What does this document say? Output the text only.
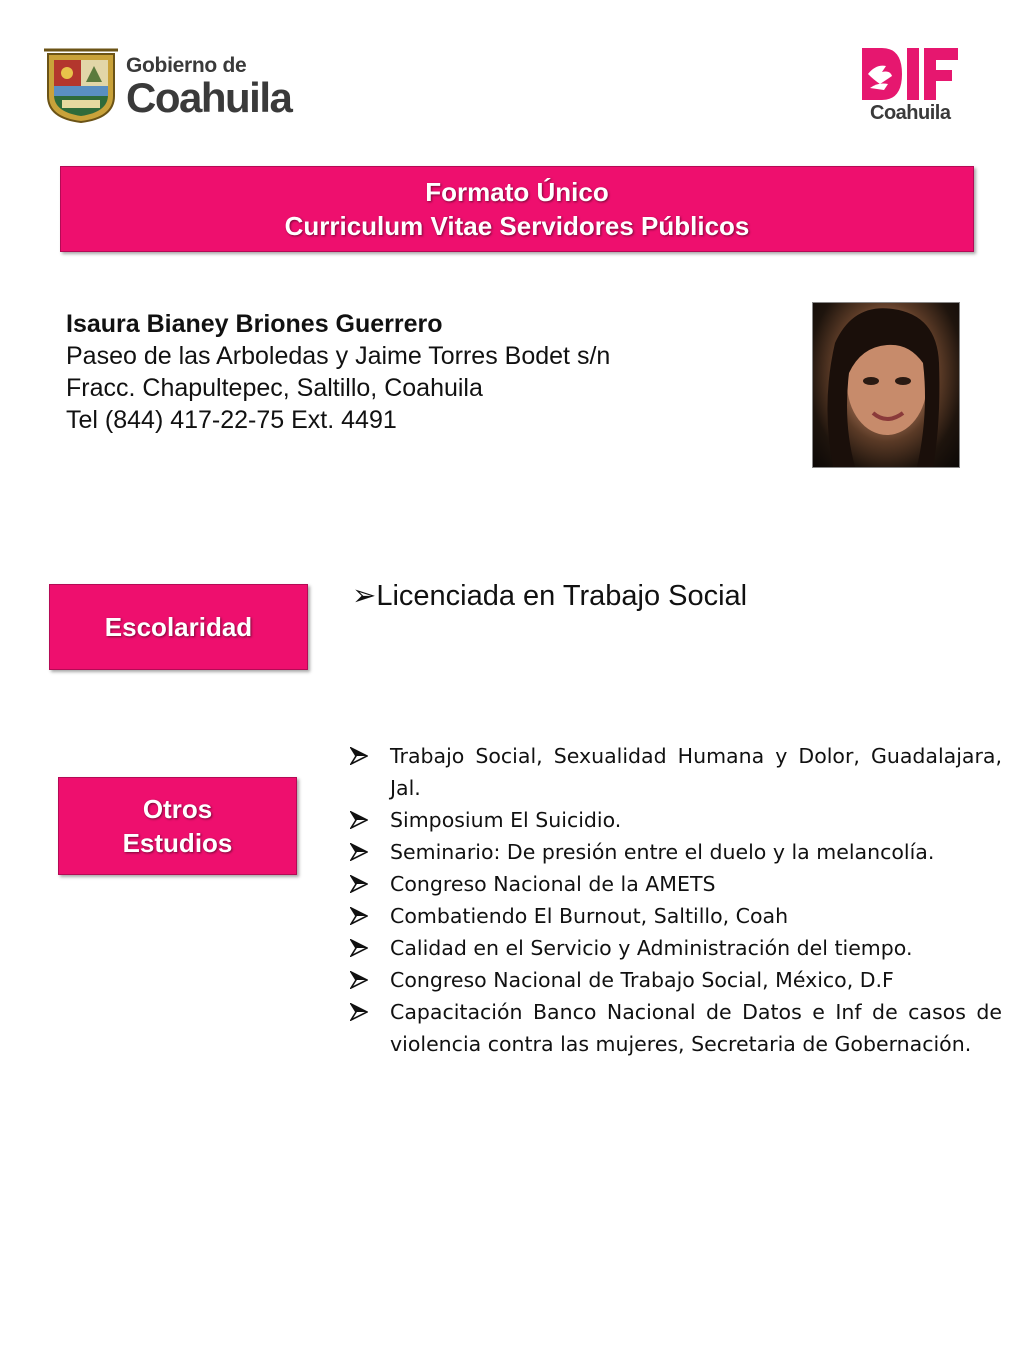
Gobierno de
Coahuila	Coahuila
Formato Único
Curriculum Vitae Servidores Públicos
Isaura Bianey Briones Guerrero
Paseo de las Arboledas y Jaime Torres Bodet s/n
Fracc. Chapultepec, Saltillo, Coahuila
Tel (844) 417-22-75 Ext. 4491
Escolaridad
➢Licenciada en Trabajo Social
Otros
Estudios
Trabajo Social, Sexualidad Humana y Dolor, Guadalajara, Jal.
Simposium El Suicidio.
Seminario: De presión entre el duelo y la melancolía.
Congreso Nacional de la AMETS
Combatiendo El Burnout, Saltillo, Coah
Calidad en el Servicio y Administración del tiempo.
Congreso Nacional de Trabajo Social, México, D.F
Capacitación Banco Nacional de Datos e Inf de casos de violencia contra las mujeres, Secretaria de Gobernación.
